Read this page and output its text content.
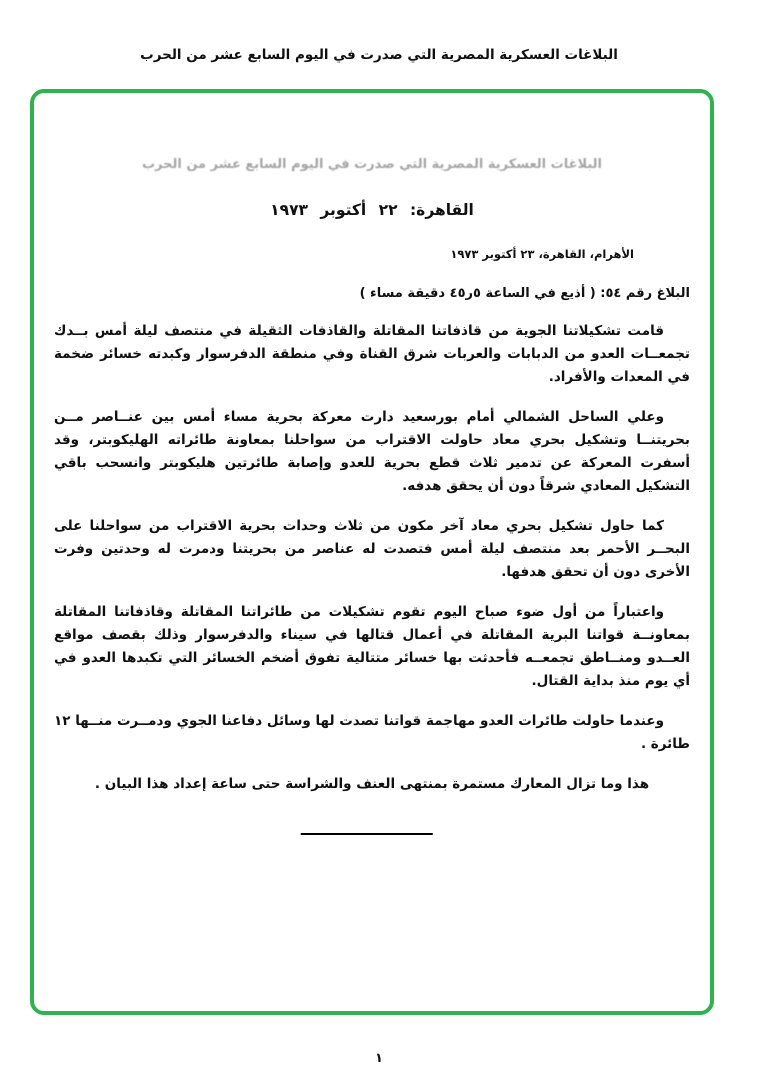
البلاغات العسكرية المصرية التي صدرت في اليوم السابع عشر من الحرب
البلاغات العسكرية المصرية التي صدرت في اليوم السابع عشر من الحرب
القاهرة: ٢٢ أكتوبر ١٩٧٣
الأهرام، القاهرة، ٢٣ أكتوبر ١٩٧٣
البلاغ رقم ٥٤: ( أذيع في الساعة ٥ر٤٥ دقيقة مساء )

قامت تشكيلاتنا الجوية من قاذفاتنا المقاتلة والقاذفات الثقيلة في منتصف ليلة أمس بــدك تجمعــات العدو من الدبابات والعربات شرق القناة وفي منطقة الدفرسوار وكبدته خسائر ضخمة في المعدات والأفراد.

وعلي الساحل الشمالي أمام بورسعيد دارت معركة بحرية مساء أمس بين عنــاصر مــن بحريتنــا وتشكيل بحري معاد حاولت الاقتراب من سواحلنا بمعاونة طائراته الهليكوبتر، وقد أسفرت المعركة عن تدمير ثلاث قطع بحرية للعدو وإصابة طائرتين هليكوبتر وانسحب باقي التشكيل المعادي شرقاً دون أن يحقق هدفه.

كما حاول تشكيل بحري معاد آخر مكون من ثلاث وحدات بحرية الاقتراب من سواحلنا على البحــر الأحمر بعد منتصف ليلة أمس فتصدت له عناصر من بحريتنا ودمرت له وحدتين وفرت الأخرى دون أن تحقق هدفها.

واعتباراً من أول ضوء صباح اليوم تقوم تشكيلات من طائراتنا المقاتلة وقاذفاتنا المقاتلة بمعاونــة قواتنا البرية المقاتلة في أعمال قتالها في سيناء والدفرسوار وذلك بقصف مواقع العــدو ومنــاطق تجمعــه فأحدثت بها خسائر متتالية تفوق أضخم الخسائر التي تكبدها العدو في أي يوم منذ بداية القتال.

وعندما حاولت طائرات العدو مهاجمة قواتنا تصدت لها وسائل دفاعنا الجوي ودمــرت منــها ١٢ طائرة .

هذا وما تزال المعارك مستمرة بمنتهى العنف والشراسة حتى ساعة إعداد هذا البيان .

١
